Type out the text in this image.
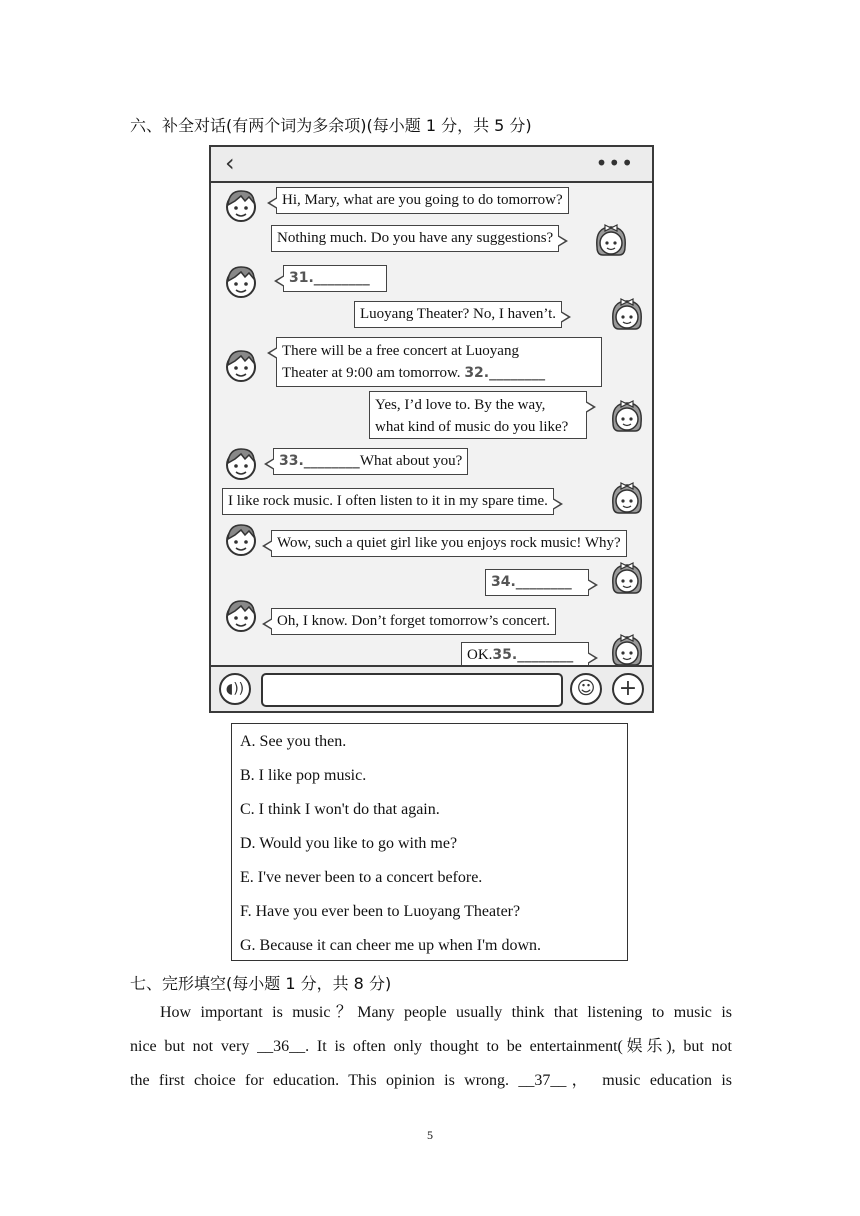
六、补全对话(有两个词为多余项)(每小题 1 分，共 5 分)
‹	•••
Hi, Mary, what are you going to do tomorrow?
Nothing much. Do you have any suggestions?
31.________
Luoyang Theater? No, I haven’t.
There will be a free concert at Luoyang
Theater at 9:00 am tomorrow. 32.________
Yes, I’d love to. By the way,
what kind of music do you like?
33.________What about you?
I like rock music. I often listen to it in my spare time.
Wow, such a quiet girl like you enjoys rock music! Why?
34.________
Oh, I know. Don’t forget tomorrow’s concert.
OK.35.________
◖))	☺	+
A. See you then.
B. I like pop music.
C. I think I won't do that again.
D. Would you like to go with me?
E. I've never been to a concert before.
F. Have you ever been to Luoyang Theater?
G. Because it can cheer me up when I'm down.
七、完形填空(每小题 1 分，共 8 分)
How important is music？Many people usually think that listening to music is
nice but not very __36__. It is often only thought to be entertainment(娱乐), but not
the first choice for education. This opinion is wrong. __37__， music education is
5
